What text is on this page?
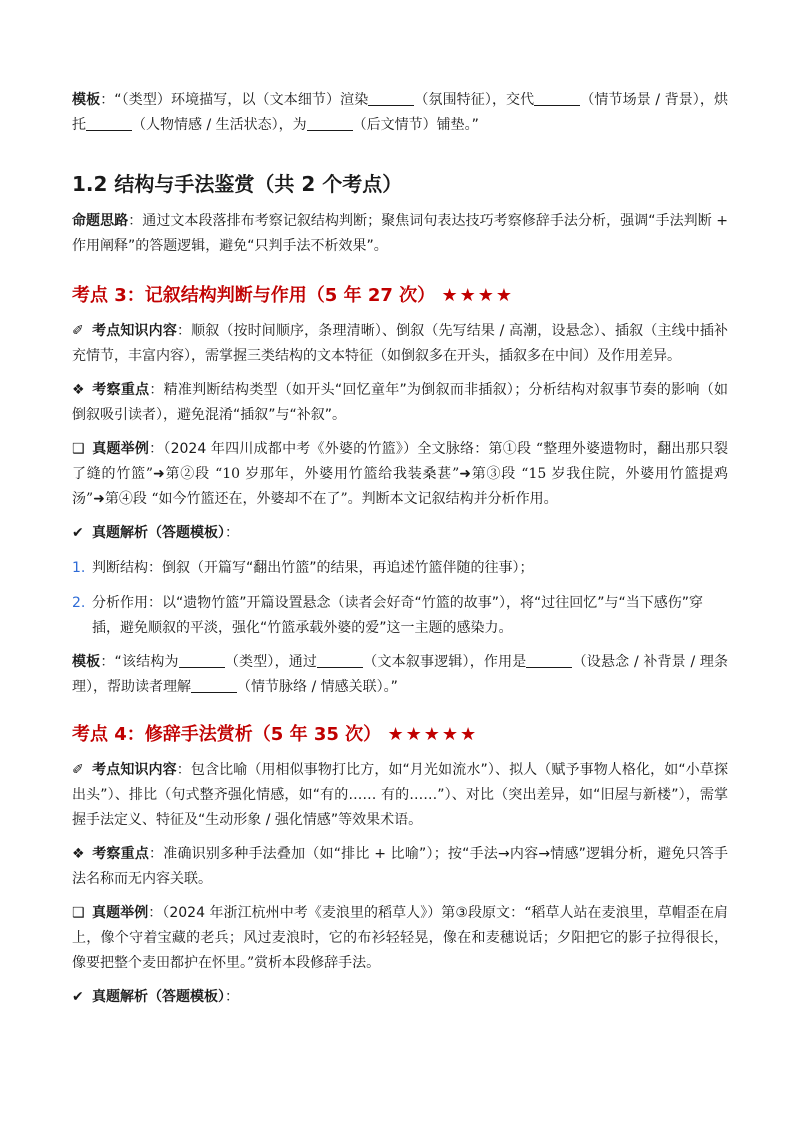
模板：“（类型）环境描写，以（文本细节）渲染	（氛围特征），交代	（情节场景 / 背景），烘托	（人物情感 / 生活状态），为	（后文情节）铺垫。”

1.2 结构与手法鉴赏（共 2 个考点）

命题思路：通过文本段落排布考察记叙结构判断；聚焦词句表达技巧考察修辞手法分析，强调“手法判断 + 作用阐释”的答题逻辑，避免“只判手法不析效果”。

考点 3：记叙结构判断与作用（5 年 27 次） ★★★★

✐ 考点知识内容：顺叙（按时间顺序，条理清晰）、倒叙（先写结果 / 高潮，设悬念）、插叙（主线中插补充情节，丰富内容），需掌握三类结构的文本特征（如倒叙多在开头，插叙多在中间）及作用差异。

❖ 考察重点：精准判断结构类型（如开头“回忆童年”为倒叙而非插叙）；分析结构对叙事节奏的影响（如倒叙吸引读者），避免混淆“插叙”与“补叙”。

❑ 真题举例：（2024 年四川成都中考《外婆的竹篮》）全文脉络：第①段 “整理外婆遗物时，翻出那只裂了缝的竹篮”➜第②段 “10 岁那年，外婆用竹篮给我装桑葚”➜第③段 “15 岁我住院，外婆用竹篮提鸡汤”➜第④段 “如今竹篮还在，外婆却不在了”。判断本文记叙结构并分析作用。

✔ 真题解析（答题模板）：

1. 判断结构：倒叙（开篇写“翻出竹篮”的结果，再追述竹篮伴随的往事）；
2. 分析作用：以“遗物竹篮”开篇设置悬念（读者会好奇“竹篮的故事”），将“过往回忆”与“当下感伤”穿插，避免顺叙的平淡，强化“竹篮承载外婆的爱”这一主题的感染力。

模板：“该结构为	（类型），通过	（文本叙事逻辑），作用是	（设悬念 / 补背景 / 理条理），帮助读者理解	（情节脉络 / 情感关联）。”

考点 4：修辞手法赏析（5 年 35 次） ★★★★★

✐ 考点知识内容：包含比喻（用相似事物打比方，如“月光如流水”）、拟人（赋予事物人格化，如“小草探出头”）、排比（句式整齐强化情感，如“有的…… 有的……”）、对比（突出差异，如“旧屋与新楼”），需掌握手法定义、特征及“生动形象 / 强化情感”等效果术语。

❖ 考察重点：准确识别多种手法叠加（如“排比 + 比喻”）；按“手法→内容→情感”逻辑分析，避免只答手法名称而无内容关联。

❑ 真题举例：（2024 年浙江杭州中考《麦浪里的稻草人》）第③段原文：“稻草人站在麦浪里，草帽歪在肩上，像个守着宝藏的老兵；风过麦浪时，它的布衫轻轻晃，像在和麦穗说话；夕阳把它的影子拉得很长，像要把整个麦田都护在怀里。”赏析本段修辞手法。

✔ 真题解析（答题模板）：
